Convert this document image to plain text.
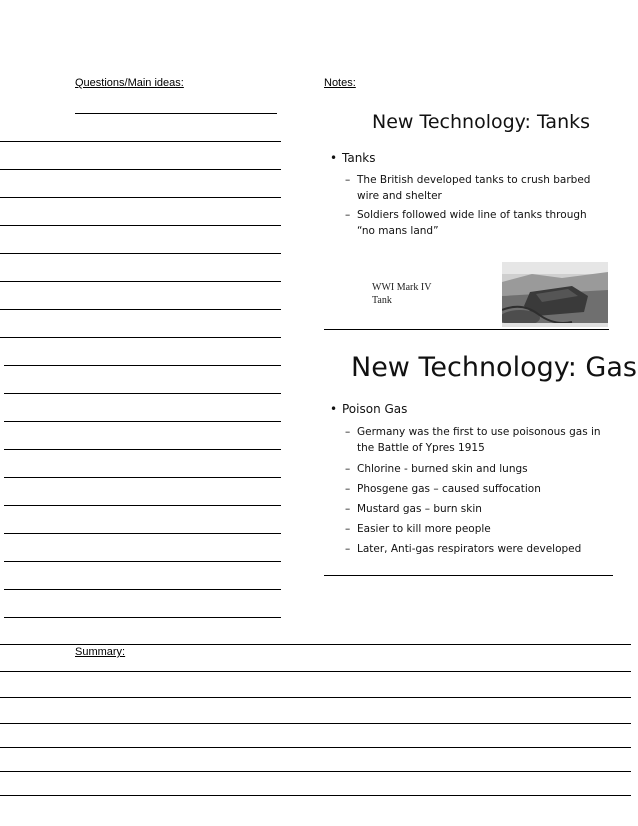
Questions/Main ideas:	Notes:
New Technology: Tanks
• Tanks
– The British developed tanks to crush barbed wire and shelter
– Soldiers followed wide line of tanks through “no mans land”
WWI Mark IV
Tank
New Technology: Gas
• Poison Gas
– Germany was the first to use poisonous gas in the Battle of Ypres 1915
– Chlorine - burned skin and lungs
– Phosgene gas – caused suffocation
– Mustard gas – burn skin
– Easier to kill more people
– Later, Anti-gas respirators were developed
Summary:
